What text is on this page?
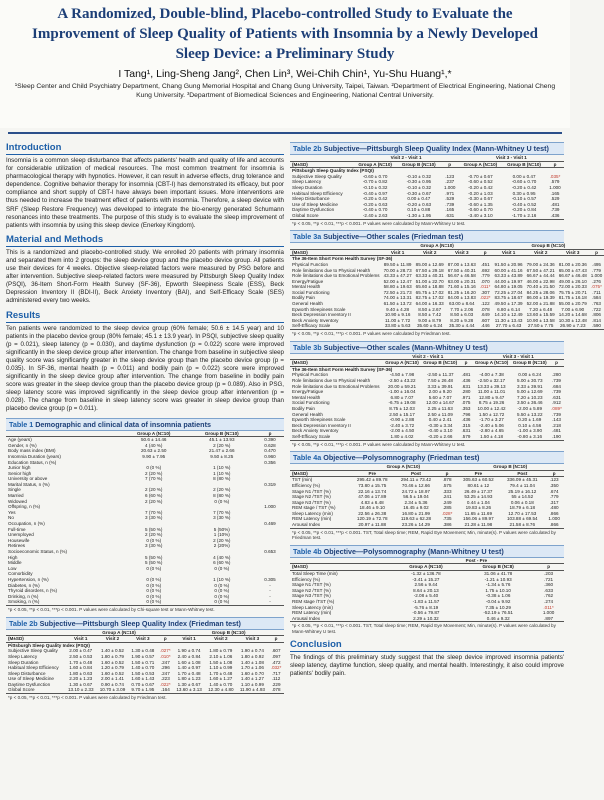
A Randomized, Double-blind, Placebo-controlled Study to Evaluate the Improvement of Sleep Quality of Patients with Insomnia by a Newly Developed Sleep Device: a Preliminary Study
I Tang¹, Ling-Sheng Jang², Chen Lin³, Wei-Chih Chin¹, Yu-Shu Huang¹,*
¹Sleep Center and Child Psychiatry Department, Chang Gung Memorial Hospital and Chang Gung University, Taipei, Taiwan. ²Department of Electrical Engineering, National Cheng Kung University. ³Department of Biomedical Sciences and Engineering, National Central University.
Introduction
Insomnia is a common sleep disturbance that affects patients' health and quality of life and accounts for considerable utilization of medical resources. The most common treatment for insomnia is pharmacological therapy with hypnotics. However, it can result in adverse effects, drug tolerance and dependence. Cognitive behavior therapy for insomnia (CBT-I) has demonstrated its efficacy, but poor compliance and short supply of CBT-I have always been important issues. More interventions are thus needed to increase the treatment effect of patients with insomnia. Therefore, a sleep device with SRF (Sleep Restore Frequency) was developed to integrate the bio-energy generated Schumann resonances into these treatments. The purpose of this study is to evaluate the sleep improvement of patients with insomnia by using this sleep device (Enerkey Kingdom).
Material and Methods
This is a randomized and placebo-controlled study. We enrolled 20 patients with primary insomnia and separated them into 2 groups: the sleep device group and the placebo device group. All patients use their devices for 4 weeks. Objective sleep-related factors were measured by PSG before and after intervention. Subjective sleep-related factors were measured by Pittsburgh Sleep Quality Index (PSQI), 36-Item Short-Form Health Survey (SF-36), Epworth Sleepiness Scale (ESS), Beck Depression Inventory II (BDI-II), Beck Anxiety Inventory (BAI), and Self-Efficacy Scale (SES) administered every two weeks.
Results
Ten patients were randomized to the sleep device group (60% female; 50.6 ± 14.5 year) and 10 patients in the placebo device group (80% female; 45.1 ± 13.9 year). In PSQI, subjective sleep quality (p = 0.021), sleep latency (p = 0.030), and daytime dysfunction (p = 0.022) score were improved significantly in the sleep device group after intervention. The change from baseline in subjective sleep quality score was significantly greater in the sleep device group than the placebo device group (p = 0.035). In SF-36, mental health (p = 0.011) and bodily pain (p = 0.022) score were improved significantly in the sleep device group after intervention. The change from baseline in bodily pain score was greater in the sleep device group than the placebo device group (p = 0.089). Also in PSG, sleep latency score was improved significantly in the sleep device group after intervention (p = 0.028). The change from baseline in sleep latency score was greater in sleep device group than placebo device group (p = 0.011).
Table 1 Demographic and clinical data of insomnia patients
	Group A (N=10)	Group B (N=10)	p
Age (years)	50.6 ± 14.46	45.1 ± 13.93	0.390
Gender, n (%)	4 (40 %)	2 (20 %)	0.628
Body mass index (BMI)	20.63 ± 2.50	21.47 ± 2.66	0.470
Insomnia Duration (years)	9.90 ± 7.95	9.50 ± 8.25	0.960
Education Status, n (%)			0.356
Junior high	0 (0 %)	1 (10 %)	
Senior high	2 (20 %)	1 (10 %)	
University or above	7 (70 %)	8 (80 %)	
Marital Status, n (%)			0.319
Single	2 (20 %)	2 (20 %)	
Married	6 (60 %)	8 (80 %)	
Widowed	2 (20 %)	0 (0 %)	
Offspring, n (%)			1.000
Yes	7 (70 %)	7 (70 %)	
No	3 (30 %)	3 (30 %)	
Occupation, n (%)			0.469
Full-time	5 (50 %)	5 (50%)	
Unemployed	2 (20 %)	1 (10%)	
Housewife	0 (0 %)	2 (20 %)	
Retirees	3 (30 %)	2 (20%)	
Socioeconomic Status, n (%)			0.653
High	5 (50 %)	4 (40 %)	
Middle	5 (50 %)	6 (60 %)	
Low	0 (0 %)	0 (0 %)	
Comorbidity			
Hypertension, n (%)	0 (0 %)	1 (10 %)	0.305
Diabetes, n (%)	0 (0 %)	0 (0 %)	-
Thyroid disorders, n (%)	0 (0 %)	0 (0 %)	-
Drinking, n (%)	0 (0 %)	0 (0 %)	-
Smoking, n (%)	0 (0 %)	0 (0 %)	-
*p < 0.05, **p < 0.01, ***p < 0.001. P values were calculated by Chi-square test or Mann-Whitney test.
Table 2b Subjective—Pittsburgh Sleep Quality Index (Friedman test)
	Group A (N=10)				Group B (N=10)			
(M±SD)	Visit 1	Visit 2	Visit 3	p	Visit 1	Visit 2	Visit 3	p
Pittsburgh Sleep Quality Index (PSQI)								
Subjective Sleep Quality	2.00 ± 0.47	1.40 ± 0.52	1.30 ± 0.48	.027*	1.90 ± 0.74	1.80 ± 0.79	1.90 ± 0.74	.607
Sleep Latency	2.50 ± 0.53	1.80 ± 0.79	1.90 ± 0.57	.010*	2.40 ± 0.84	2.10 ± 1.06	1.80 ± 0.92	.097
Sleep Duration	1.70 ± 0.48	1.60 ± 0.52	1.50 ± 0.71	.247	1.60 ± 1.08	1.50 ± 1.08	1.40 ± 1.08	.472
Habitual Sleep Efficiency	1.60 ± 0.84	1.20 ± 0.79	1.40 ± 0.70	.296	1.40 ± 0.97	1.10 ± 0.99	1.70 ± 1.06	.032*
Sleep Disturbance	1.80 ± 0.63	1.60 ± 0.52	1.50 ± 0.53	.247	1.70 ± 0.48	1.70 ± 0.48	1.60 ± 0.70	.717
Use of Sleep Medicine	2.20 ± 1.23	2.00 ± 1.41	1.60 ± 1.43	.223	1.80 ± 1.23	1.60 ± 1.27	1.40 ± 1.27	.112
Daytime Dysfunction	1.30 ± 0.67	0.90 ± 0.74	0.70 ± 0.67	.022*	1.30 ± 0.67	1.40 ± 0.70	1.10 ± 0.99	.229
Global Score	13.10 ± 2.33	10.70 ± 3.09	9.70 ± 1.95	.164	13.60 ± 3.13	12.30 ± 4.80	11.90 ± 4.93	.078
*p < 0.05, **p < 0.01, ***p < 0.001. P values were calculated by Friedman test.
Table 2b Subjective—Pittsburgh Sleep Quality Index (Mann-Whitney U test)
	Visit 2 - Visit 1			Visit 3 - Visit 1		
(M±SD)	Group A (N=10)	Group B (N=10)	p	Group A (N=10)	Group B (N=10)	p
Pittsburgh Sleep Quality Index (PSQI)						
Subjective Sleep Quality	-0.60 ± 0.70	-0.10 ± 0.32	.123	-0.70 ± 0.67	0.00 ± 0.47	.035*
Sleep Latency	-0.70 ± 0.82	-0.30 ± 0.95	.237	-0.60 ± 0.52	-0.60 ± 0.70	.579
Sleep Duration	-0.10 ± 0.32	-0.10 ± 0.32	1.000	-0.20 ± 0.42	-0.20 ± 0.42	1.000
Habitual Sleep Efficiency	-0.40 ± 0.97	-0.30 ± 0.67	.971	-0.20 ± 1.03	0.30 ± 0.95	.165
Sleep Disturbance	-0.20 ± 0.42	0.00 ± 0.47	.529	-0.30 ± 0.67	-0.10 ± 0.57	.529
Use of Sleep Medicine	-0.20 ± 0.63	-0.20 ± 0.63	.739	-0.60 ± 1.35	-0.40 ± 0.52	.481
Daytime Dysfunction	-0.40 ± 0.70	0.10 ± 0.88	.165	-0.60 ± 0.70	-0.20 ± 0.84	.739
Global Score	-2.40 ± 2.63	-1.30 ± 1.95	.631	-3.40 ± 3.10	-1.70 ± 2.16	.436
*p < 0.05, **p < 0.01, ***p < 0.001. P values were calculated by Mann-Whitney U test.
Table 3a Subjective—Other scales (Friedman test)
	Group A (N=10)				Group B (N=10)			
(M±SD)	Visit 1	Visit 2	Visit 3	p	Visit 1	Visit 2	Visit 3	p
The 36-Item Short Form Health Survey (SF-36)								
Physical Function	89.50 ± 11.89	85.00 ± 12.69	87.00 ± 13.63	.451	91.50 ± 20.96	79.00 ± 24.36	81.00 ± 20.36	.495
Role limitations due to Physical Health	70.00 ± 28.73	67.50 ± 29.18	67.50 ± 40.31	.692	60.00 ± 41.16	67.50 ± 47.21	65.00 ± 47.43	.779
Role limitations due to Emotional Problems	43.33 ± 47.27	63.33 ± 40.31	56.67 ± 46.58	.779	63.33 ± 43.89	66.67 ± 44.44	66.67 ± 46.48	1.000
Energy/Fatigue	52.00 ± 12.47	51.00 ± 22.70	63.00 ± 20.31	.070	44.00 ± 19.97	46.00 ± 22.98	49.00 ± 26.10	.276
Mental Health	58.80 ± 19.63	65.60 ± 18.88	71.60 ± 15.16	.011*	64.80 ± 19.05	70.40 ± 21.50	72.00 ± 20.33	.075*
Social Functioning	72.50 ± 21.73	65.75 ± 17.02	81.25 ± 16.20	.307	72.25 ± 27.04	84.25 ± 28.06	75.75 ± 20.71	.711
Bodily Pain	74.00 ± 13.31	82.75 ± 17.02	84.00 ± 13.83	.022*	83.75 ± 18.67	86.00 ± 19.39	81.75 ± 16.18	.584
General Health	61.50 ± 13.72	64.00 ± 16.33	63.00 ± 8.64	.122	49.50 ± 17.39	52.00 ± 21.88	55.00 ± 20.79	.763
Epworth Sleepiness Scale	9.40 ± 4.28	8.50 ± 2.67	7.70 ± 2.06	.078	6.80 ± 6.14	7.20 ± 6.48	7.00 ± 6.90	.722
Beck Depression Inventory II	10.90 ± 9.16	8.50 ± 7.42	8.50 ± 6.03	.649	14.10 ± 12.49	13.60 ± 15.59	14.20 ± 14.68	.806
Beck Anxiety Inventory	11.00 ± 7.72	9.00 ± 8.79	8.20 ± 9.28	.607	11.30 ± 13.43	10.90 ± 13.58	10.30 ± 12.48	.814
Self-Efficacy Scale	33.80 ± 5.63	35.60 ± 6.24	35.30 ± 4.44	.446	27.70 ± 6.43	27.50 ± 7.75	26.90 ± 7.23	.590
*p < 0.05, **p < 0.01, ***p < 0.001. P values were calculated by Friedman test.
Table 3b Subjective—Other scales (Mann-Whitney U test)
	Visit 2 - Visit 1			Visit 3 - Visit 1		
(M±SD)	Group A (N=10)	Group B (N=10)	p	Group A (N=10)	Group B (N=10)	p
The 36-Item Short Form Health Survey (SF-36)						
Physical Function	-4.50 ± 7.98	-2.50 ± 11.37	.481	-4.00 ± 7.38	0.00 ± 6.24	.280
Role limitations due to Physical Health	-2.50 ± 43.22	7.50 ± 26.48	.436	-2.50 ± 32.17	5.00 ± 30.73	.739
Role limitations due to Emotional Problems	20.00 ± 59.21	3.33 ± 39.91	.631	13.33 ± 39.13	3.33 ± 39.91	.684
Energy/Fatigue	-1.00 ± 16.04	2.00 ± 9.20	.280	11.00 ± 11.01	5.00 ± 12.69	.739
Mental Health	6.80 ± 7.07	5.60 ± 7.07	.971	12.80 ± 9.47	7.20 ± 10.23	.631
Social Functioning	-6.75 ± 19.08	12.00 ± 14.67	.075	8.75 ± 19.26	3.50 ± 36.46	.912
Bodily Pain	8.75 ± 12.03	2.25 ± 11.63	.353	10.00 ± 12.42	-2.00 ± 5.89	.089*
General Health	2.50 ± 15.17	2.50 ± 11.09	.796	1.50 ± 12.72	5.50 ± 13.22	.739
Epworth Sleepiness Scale	-0.90 ± 2.88	0.40 ± 2.41	.436	-1.70 ± 3.27	0.20 ± 1.69	.143
Beck Depression Inventory II	-2.40 ± 3.72	-0.30 ± 3.34	.315	-2.40 ± 5.06	0.10 ± 4.56	.218
Beck Anxiety Inventory	-2.00 ± 4.50	-0.40 ± 3.10	.631	-2.80 ± 4.65	-1.00 ± 3.90	.481
Self-Efficacy Scale	1.80 ± 4.02	-0.20 ± 2.66	.579	1.50 ± 4.18	-0.80 ± 3.16	.190
*p < 0.05, **p < 0.01, ***p < 0.001. P values were calculated by Mann-Whitney U test.
Table 4a Objective—Polysomnography (Friedman test)
	Group A (N=10)			Group B (N=10)		
(M±SD)	Pre	Post	p	Pre	Post	p
TST (min)	295.42 ± 89.78	294.11 ± 73.42	.878	305.63 ± 60.52	336.09 ± 45.31	.123
Efficiency (%)	73.80 ± 15.75	70.46 ± 12.66	.575	80.61 ± 12	79.4 ± 11.04	.350
Stage N1 /TST (%)	22.16 ± 13.74	24.72 ± 18.97	.333	26.49 ± 17.37	25.19 ± 16.12	.674
Stage N2 /TST (%)	47.06 ± 17.89	56.5 ± 19.04	.241	53.25 ± 14.93	55 ± 14.52	.779
Stage N3 /TST (%)	4.83 ± 6.48	2.34 ± 5.36	.249	0.44 ± 1.04	0.06 ± 0.18	.317
REM stage / TST (%)	18.46 ± 9.10	16.45 ± 9.02	.285	19.83 ± 8.26	18.79 ± 6.18	.480
Sleep Latency (min)	22.56 ± 26.38	16.80 ± 21.99	.028*	11.65 ± 11.69	12.70 ± 17.53	.866
REM Latency (min)	120.19 ± 72.78	119.63 ± 62.28	.735	156.06 ± 89.97	103.88 ± 69.54	1.000
Arousal Index	20.97 ± 11.88	23.26 ± 14.29	.386	21.28 ± 11.98	21.58 ± 8.76	.866
*p < 0.05, **p < 0.01, ***p < 0.001. TST, Total sleep time; REM, Rapid Eye Movement; Min, minute(s). P values were calculated by Friedman test.
Table 4b Objective—Polysomnography (Mann-Whitney U test)
	Post - Pre		
(M±SD)	Group A (N=10)	Group B (N=8)	p
Total Sleep Time (min)	-1.32 ± 136.78	31.06 ± 41.78	.203
Efficiency (%)	-3.41 ± 15.27	-1.21 ± 10.93	.721
Stage N1 /TST (%)	2.56 ± 9.44	-1.34 ± 5.76	.360
Stage N2 /TST (%)	8.64 ± 20.13	1.75 ± 10.10	.633
Stage N3 /TST (%)	-2.08 ± 5.40	-0.38 ± 1.06	.762
REM stage /TST (%)	-1.83 ± 11.57	-0.04 ± 9.92	.274
Sleep Latency (min)	-5.76 ± 8.19	7.35 ± 10.29	.011*
REM Latency (min)	-0.56 ± 79.87	-52.19 ± 76.51	1.000
Arousal Index	2.29 ± 10.32	0.46 ± 9.32	.897
*p < 0.05, **p < 0.01, ***p < 0.001. TST, Total sleep time; REM, Rapid Eye Movement; Min, minute(s). P values were calculated by Mann-Whitney U test.
Conclusion
The findings of this preliminary study suggest that the sleep device improved insomnia patients' sleep latency, daytime function, sleep quality, and mental health. Interestingly, it also could improve patients' bodily pain.
